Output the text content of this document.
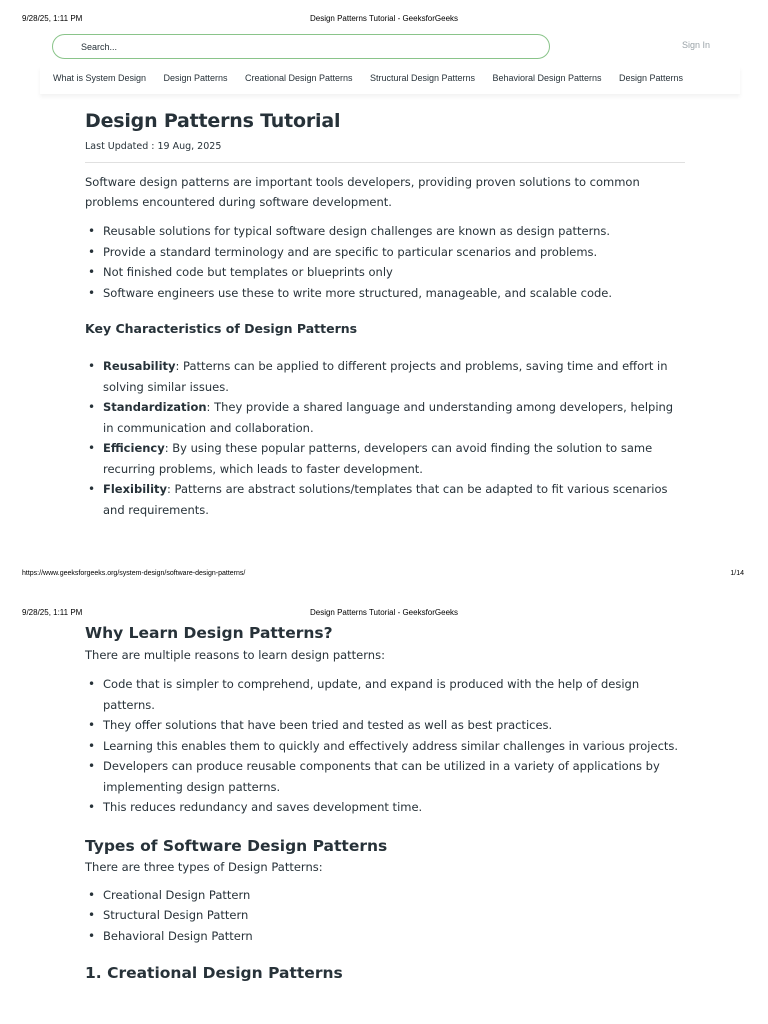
9/28/25, 1:11 PM	Design Patterns Tutorial - GeeksforGeeks
Search...	Sign In
What is System Design Design Patterns Creational Design Patterns Structural Design Patterns Behavioral Design Patterns Design Patterns
Design Patterns Tutorial
Last Updated : 19 Aug, 2025

Software design patterns are important tools developers, providing proven solutions to common problems encountered during software development.

• Reusable solutions for typical software design challenges are known as design patterns.
• Provide a standard terminology and are specific to particular scenarios and problems.
• Not finished code but templates or blueprints only
• Software engineers use these to write more structured, manageable, and scalable code.
Key Characteristics of Design Patterns
• Reusability: Patterns can be applied to different projects and problems, saving time and effort in solving similar issues.
• Standardization: They provide a shared language and understanding among developers, helping in communication and collaboration.
• Efficiency: By using these popular patterns, developers can avoid finding the solution to same recurring problems, which leads to faster development.
• Flexibility: Patterns are abstract solutions/templates that can be adapted to fit various scenarios and requirements.
https://www.geeksforgeeks.org/system-design/software-design-patterns/	1/14
9/28/25, 1:11 PM	Design Patterns Tutorial - GeeksforGeeks
Why Learn Design Patterns?

There are multiple reasons to learn design patterns:

• Code that is simpler to comprehend, update, and expand is produced with the help of design patterns.
• They offer solutions that have been tried and tested as well as best practices.
• Learning this enables them to quickly and effectively address similar challenges in various projects.
• Developers can produce reusable components that can be utilized in a variety of applications by implementing design patterns.
• This reduces redundancy and saves development time.
Types of Software Design Patterns

There are three types of Design Patterns:

• Creational Design Pattern
• Structural Design Pattern
• Behavioral Design Pattern
1. Creational Design Patterns
